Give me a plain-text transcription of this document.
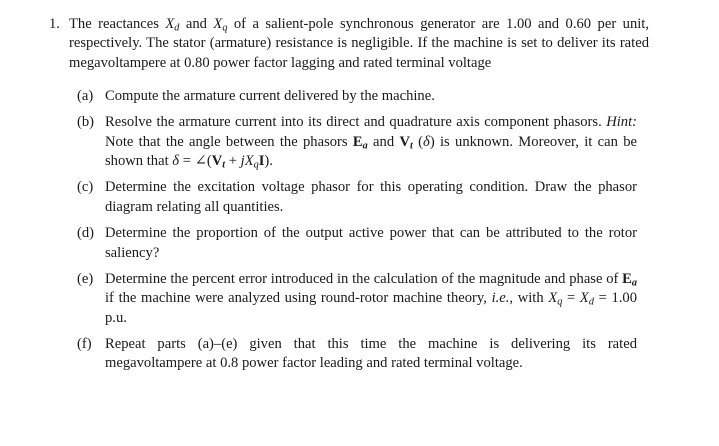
1. The reactances $X_d$ and $X_q$ of a salient-pole synchronous generator are 1.00 and 0.60 per unit, respectively. The stator (armature) resistance is negligible. If the machine is set to deliver its rated megavoltampere at 0.80 power factor lagging and rated terminal voltage
(a) Compute the armature current delivered by the machine.
(b) Resolve the armature current into its direct and quadrature axis component phasors. Hint: Note that the angle between the phasors $E_a$ and $V_t$ (δ) is unknown. Moreover, it can be shown that $\delta = \angle(V_t + jX_qI)$.
(c) Determine the excitation voltage phasor for this operating condition. Draw the phasor diagram relating all quantities.
(d) Determine the proportion of the output active power that can be attributed to the rotor saliency?
(e) Determine the percent error introduced in the calculation of the magnitude and phase of $E_a$ if the machine were analyzed using round-rotor machine theory, i.e., with $X_q = X_d = 1.00$ p.u.
(f) Repeat parts (a)–(e) given that this time the machine is delivering its rated megavoltampere at 0.8 power factor leading and rated terminal voltage.
